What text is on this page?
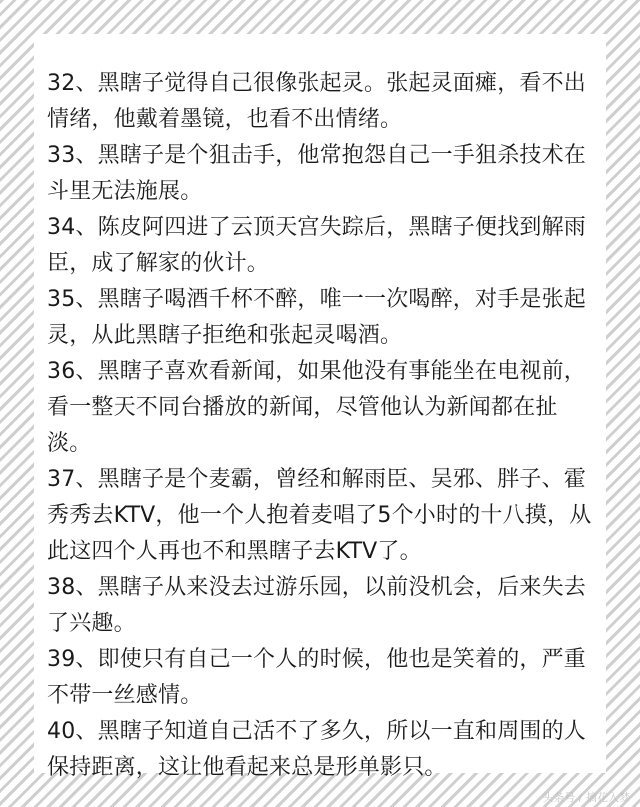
32、黑瞎子觉得自己很像张起灵。张起灵面瘫，看不出情绪，他戴着墨镜，也看不出情绪。

33、黑瞎子是个狙击手，他常抱怨自己一手狙杀技术在斗里无法施展。

34、陈皮阿四进了云顶天宫失踪后，黑瞎子便找到解雨臣，成了解家的伙计。

35、黑瞎子喝酒千杯不醉，唯一一次喝醉，对手是张起灵，从此黑瞎子拒绝和张起灵喝酒。

36、黑瞎子喜欢看新闻，如果他没有事能坐在电视前，看一整天不同台播放的新闻，尽管他认为新闻都在扯淡。

37、黑瞎子是个麦霸，曾经和解雨臣、吴邪、胖子、霍秀秀去KTV，他一个人抱着麦唱了5个小时的十八摸，从此这四个人再也不和黑瞎子去KTV了。

38、黑瞎子从来没去过游乐园，以前没机会，后来失去了兴趣。

39、即使只有自己一个人的时候，他也是笑着的，严重不带一丝感情。

40、黑瞎子知道自己活不了多久，所以一直和周围的人保持距离，这让他看起来总是形单影只。

头条号 / 摘花入梦
